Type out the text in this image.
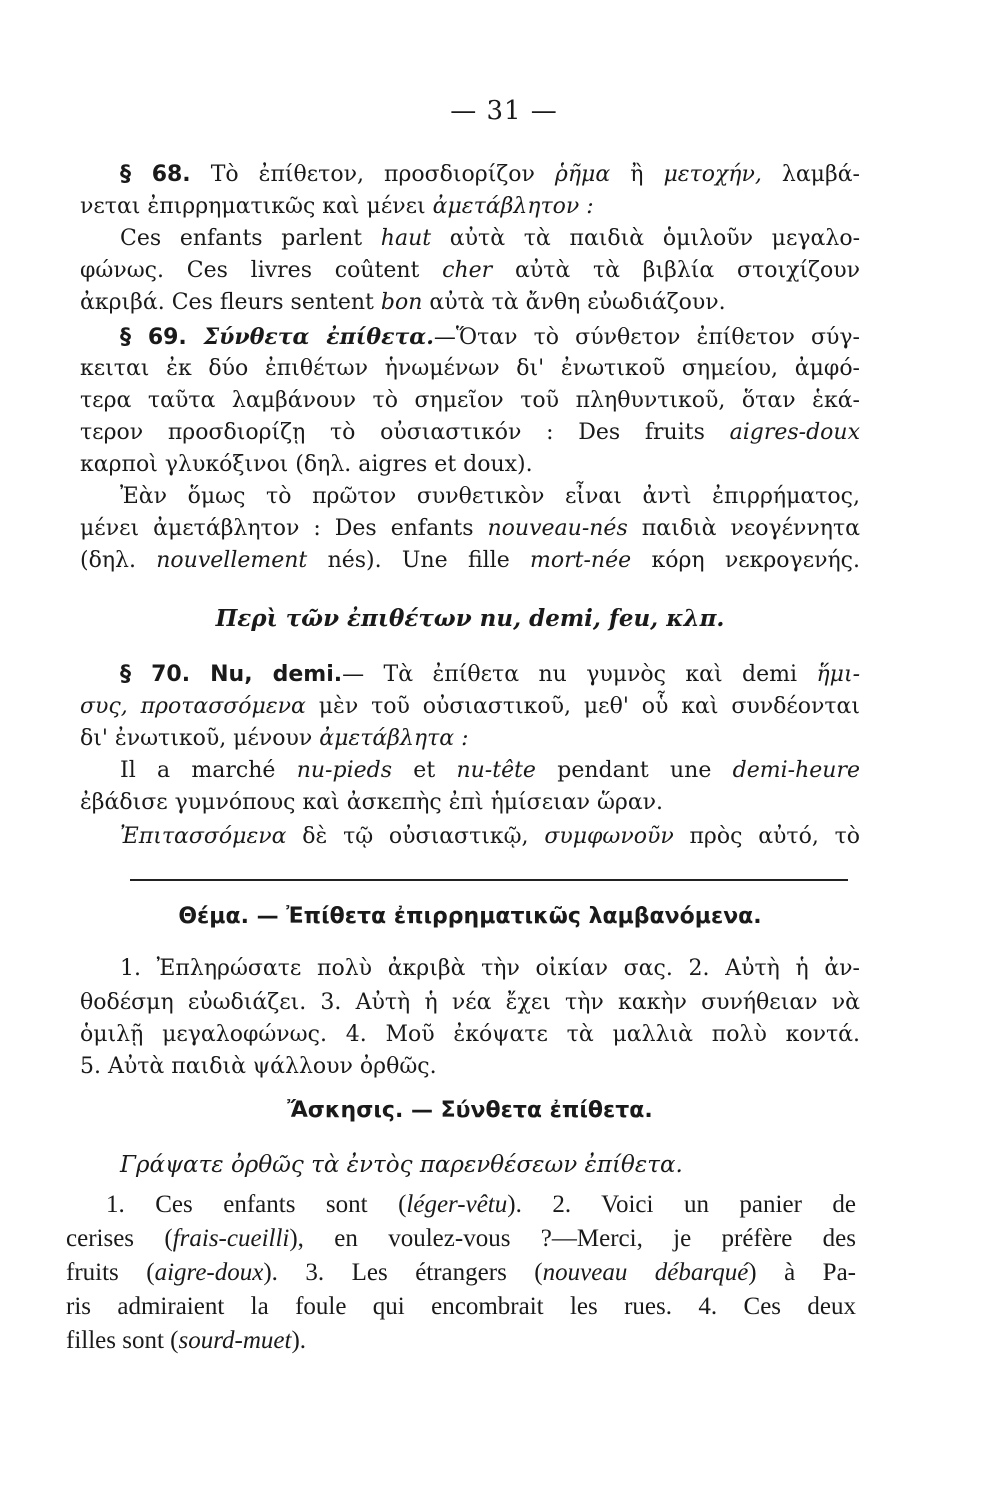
— 31 —
§ 68. Τὸ ἐπίθετον, προσδιορίζον ῥῆμα ἢ μετοχήν, λαμβά-
νεται ἐπιρρηματικῶς καὶ μένει ἀμετάβλητον :
Ces enfants parlent haut αὐτὰ τὰ παιδιὰ ὁμιλοῦν μεγαλο-
φώνως. Ces livres coûtent cher αὐτὰ τὰ βιβλία στοιχίζουν
ἀκριβά. Ces fleurs sentent bon αὐτὰ τὰ ἄνθη εὐωδιάζουν.
§ 69. Σύνθετα ἐπίθετα.—Ὅταν τὸ σύνθετον ἐπίθετον σύγ-
κειται ἐκ δύο ἐπιθέτων ἡνωμένων δι' ἐνωτικοῦ σημείου, ἀμφό-
τερα ταῦτα λαμβάνουν τὸ σημεῖον τοῦ πληθυντικοῦ, ὅταν ἑκά-
τερον προσδιορίζῃ τὸ οὐσιαστικόν : Des fruits aigres-doux
καρποὶ γλυκόξινοι (δηλ. aigres et doux).
Ἐὰν ὅμως τὸ πρῶτον συνθετικὸν εἶναι ἀντὶ ἐπιρρήματος,
μένει ἀμετάβλητον : Des enfants nouveau-nés παιδιὰ νεογέννητα
(δηλ. nouvellement nés). Une fille mort-née κόρη νεκρογενής.
Περὶ τῶν ἐπιθέτων nu, demi, feu, κλπ.
§ 70. Nu, demi.— Τὰ ἐπίθετα nu γυμνὸς καὶ demi ἥμι-
συς, προτασσόμενα μὲν τοῦ οὐσιαστικοῦ, μεθ' οὗ καὶ συνδέονται
δι' ἐνωτικοῦ, μένουν ἀμετάβλητα :
Il a marché nu-pieds et nu-tête pendant une demi-heure
ἐβάδισε γυμνόπους καὶ ἀσκεπὴς ἐπὶ ἡμίσειαν ὥραν.
Ἐπιτασσόμενα δὲ τῷ οὐσιαστικῷ, συμφωνοῦν πρὸς αὐτό, τὸ
Θέμα. — Ἐπίθετα ἐπιρρηματικῶς λαμβανόμενα.
1. Ἐπληρώσατε πολὺ ἀκριβὰ τὴν οἰκίαν σας. 2. Αὐτὴ ἡ ἀν-
θοδέσμη εὐωδιάζει. 3. Αὐτὴ ἡ νέα ἔχει τὴν κακὴν συνήθειαν νὰ
ὁμιλῇ μεγαλοφώνως. 4. Μοῦ ἐκόψατε τὰ μαλλιὰ πολὺ κοντά.
5. Αὐτὰ παιδιὰ ψάλλουν ὀρθῶς.
Ἄσκησις. — Σύνθετα ἐπίθετα.
Γράψατε ὀρθῶς τὰ ἐντὸς παρενθέσεων ἐπίθετα.
1. Ces enfants sont (léger-vêtu). 2. Voici un panier de
cerises (frais-cueilli), en voulez-vous ?—Merci, je préfère des
fruits (aigre-doux). 3. Les étrangers (nouveau débarqué) à Pa-
ris admiraient la foule qui encombrait les rues. 4. Ces deux
filles sont (sourd-muet).
